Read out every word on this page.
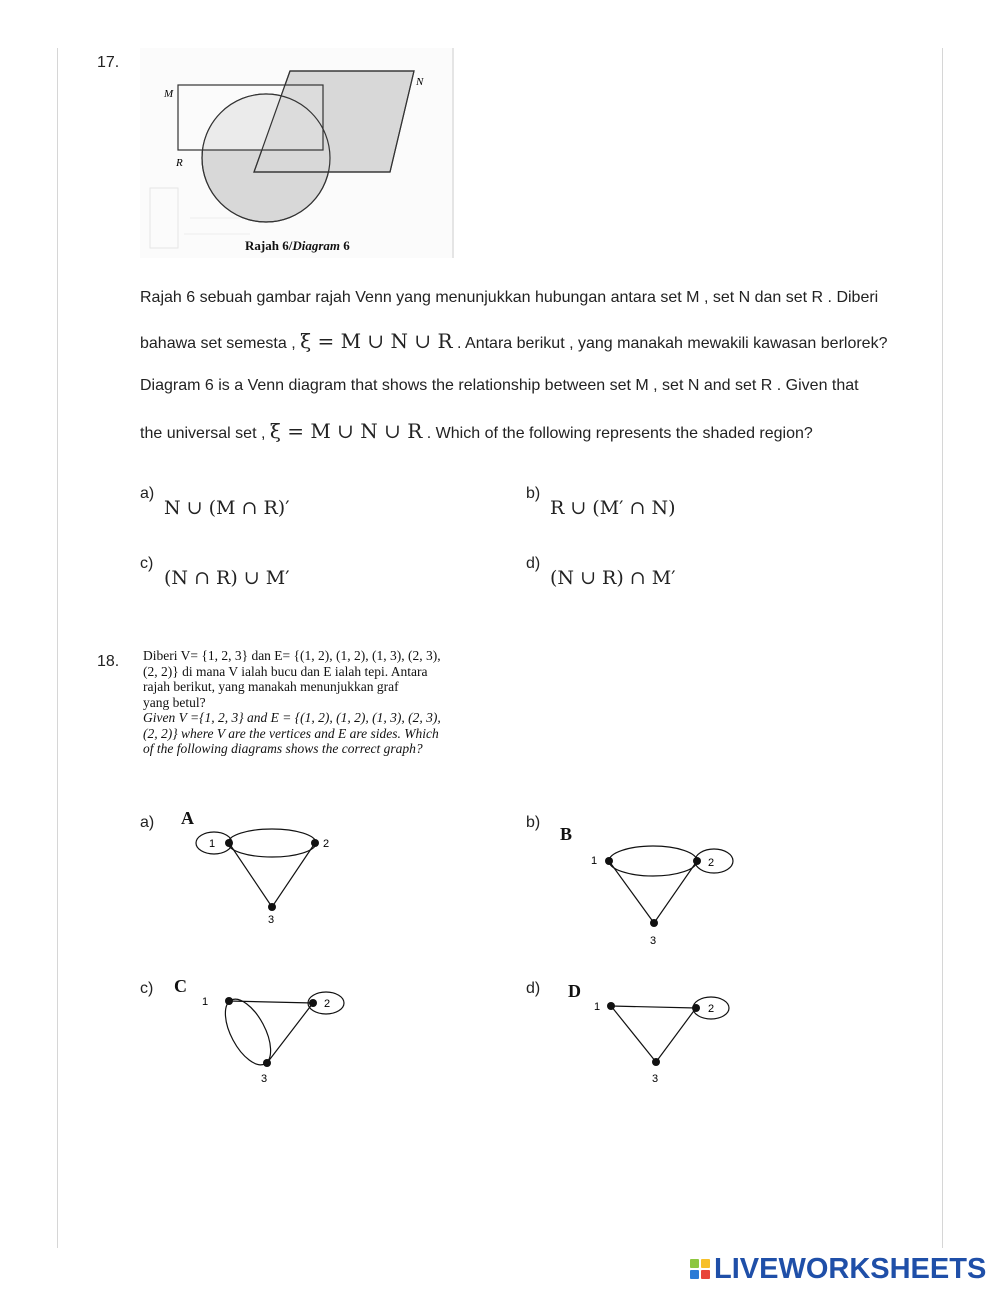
17.
M
N
R
Rajah 6/Diagram 6
Rajah 6 sebuah gambar rajah Venn yang menunjukkan hubungan antara set M , set N dan set R . Diberi
bahawa set semesta , ξ = M ∪ N ∪ R . Antara berikut , yang manakah mewakili kawasan berlorek?
Diagram 6 is a Venn diagram that shows the relationship between set M , set N and set R . Given that
the universal set , ξ = M ∪ N ∪ R . Which of the following represents the shaded region?
a)
N ∪ (M ∩ R)′
b)
R ∪ (M′ ∩ N)
c)
(N ∩ R) ∪ M′
d)
(N ∪ R) ∩ M′
18. Diberi V= {1, 2, 3} dan E= {(1, 2), (1, 2), (1, 3), (2, 3),
(2, 2)} di mana V ialah bucu dan E ialah tepi. Antara
rajah berikut, yang manakah menunjukkan graf
yang betul?
Given V ={1, 2, 3} and E = {(1, 2), (1, 2), (1, 3), (2, 3),
(2, 2)} where V are the vertices and E are sides. Which
of the following diagrams shows the correct graph?
a) A
1	2
3
b)
B
1	2
3
c) C
1	2
3
d) D
1	2
3
LIVEWORKSHEETS
